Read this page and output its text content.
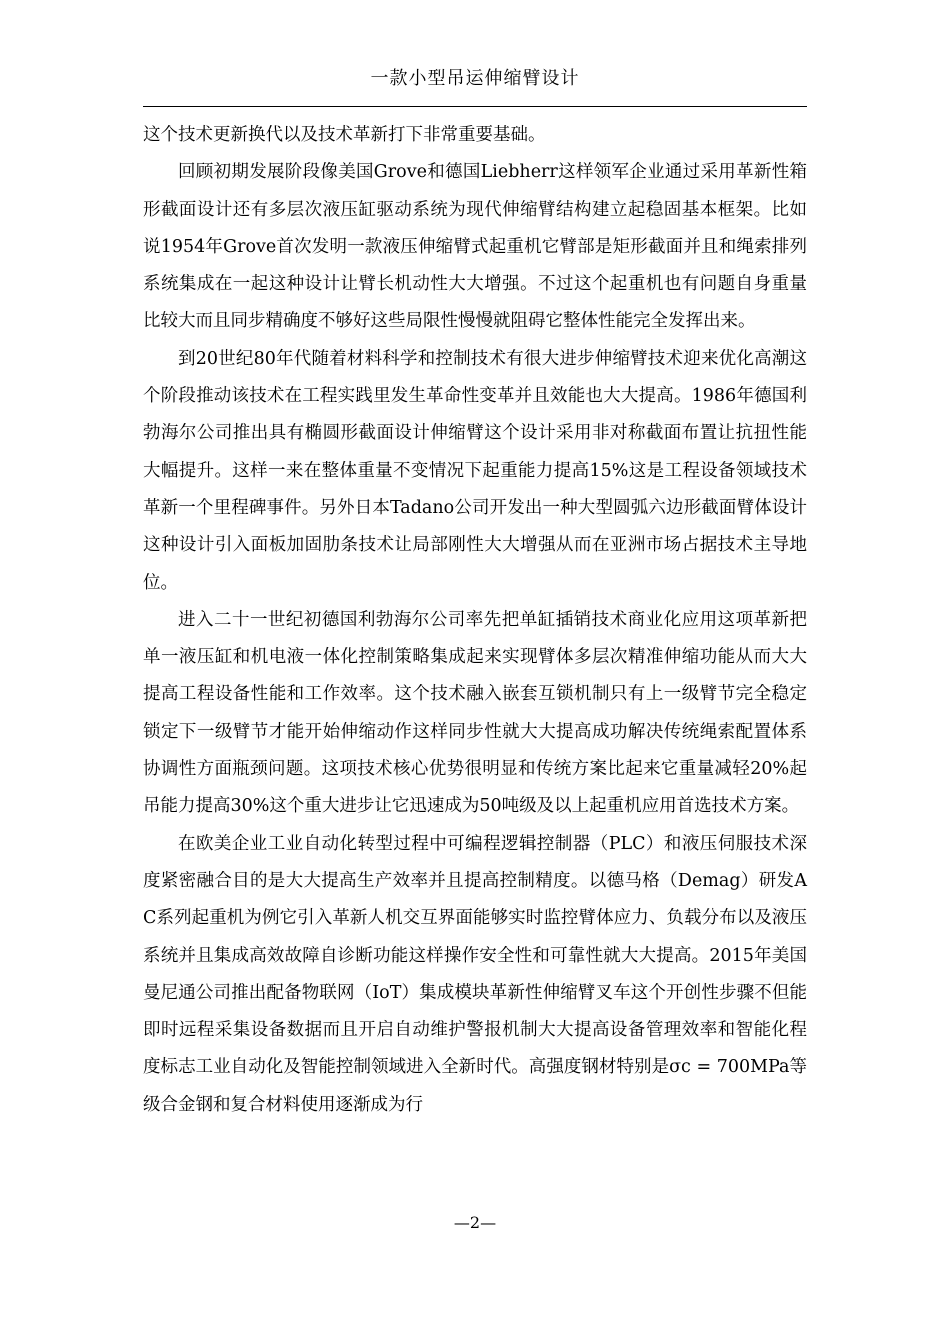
一款小型吊运伸缩臂设计

这个技术更新换代以及技术革新打下非常重要基础。

回顾初期发展阶段像美国Grove和德国Liebherr这样领军企业通过采用革新性箱形截面设计还有多层次液压缸驱动系统为现代伸缩臂结构建立起稳固基本框架。比如说1954年Grove首次发明一款液压伸缩臂式起重机它臂部是矩形截面并且和绳索排列系统集成在一起这种设计让臂长机动性大大增强。不过这个起重机也有问题自身重量比较大而且同步精确度不够好这些局限性慢慢就阻碍它整体性能完全发挥出来。

到20世纪80年代随着材料科学和控制技术有很大进步伸缩臂技术迎来优化高潮这个阶段推动该技术在工程实践里发生革命性变革并且效能也大大提高。1986年德国利勃海尔公司推出具有椭圆形截面设计伸缩臂这个设计采用非对称截面布置让抗扭性能大幅提升。这样一来在整体重量不变情况下起重能力提高15%这是工程设备领域技术革新一个里程碑事件。另外日本Tadano公司开发出一种大型圆弧六边形截面臂体设计这种设计引入面板加固肋条技术让局部刚性大大增强从而在亚洲市场占据技术主导地位。

进入二十一世纪初德国利勃海尔公司率先把单缸插销技术商业化应用这项革新把单一液压缸和机电液一体化控制策略集成起来实现臂体多层次精准伸缩功能从而大大提高工程设备性能和工作效率。这个技术融入嵌套互锁机制只有上一级臂节完全稳定锁定下一级臂节才能开始伸缩动作这样同步性就大大提高成功解决传统绳索配置体系协调性方面瓶颈问题。这项技术核心优势很明显和传统方案比起来它重量减轻20%起吊能力提高30%这个重大进步让它迅速成为50吨级及以上起重机应用首选技术方案。

在欧美企业工业自动化转型过程中可编程逻辑控制器（PLC）和液压伺服技术深度紧密融合目的是大大提高生产效率并且提高控制精度。以德马格（Demag）研发AC系列起重机为例它引入革新人机交互界面能够实时监控臂体应力、负载分布以及液压系统并且集成高效故障自诊断功能这样操作安全性和可靠性就大大提高。2015年美国曼尼通公司推出配备物联网（IoT）集成模块革新性伸缩臂叉车这个开创性步骤不但能即时远程采集设备数据而且开启自动维护警报机制大大提高设备管理效率和智能化程度标志工业自动化及智能控制领域进入全新时代。高强度钢材特别是σc = 700MPa等级合金钢和复合材料使用逐渐成为行

—2—
